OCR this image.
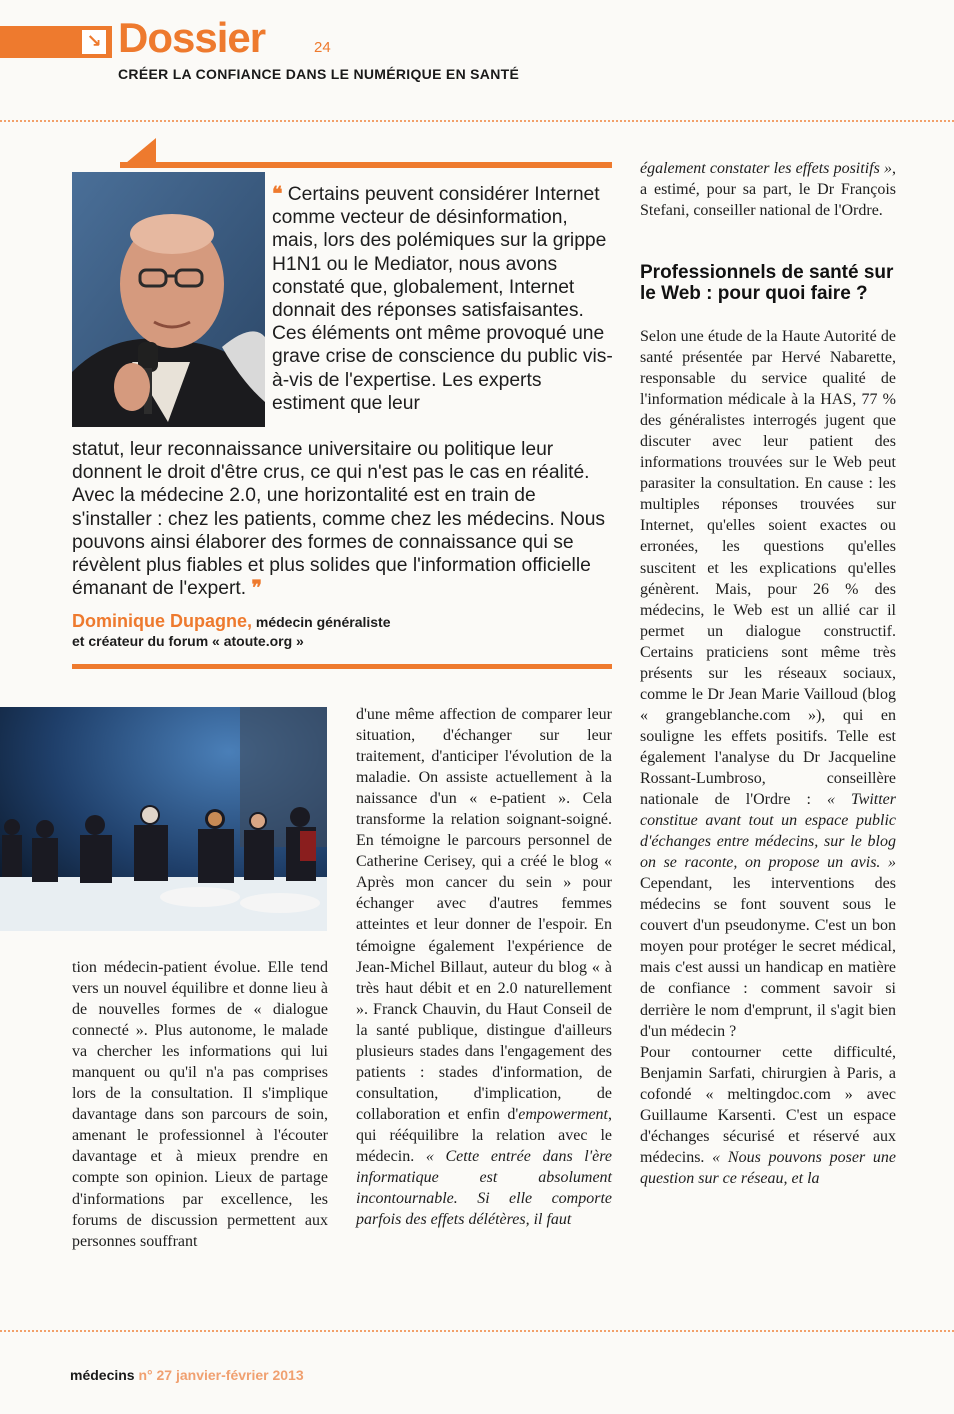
↘ Dossier	24
CRÉER LA CONFIANCE DANS LE NUMÉRIQUE EN SANTÉ

❝ Certains peuvent considérer Internet comme vecteur de désinformation, mais, lors des polémiques sur la grippe H1N1 ou le Mediator, nous avons constaté que, globalement, Internet donnait des réponses satisfaisantes. Ces éléments ont même provoqué une grave crise de conscience du public vis-à-vis de l'expertise. Les experts estiment que leur

statut, leur reconnaissance universitaire ou politique leur donnent le droit d'être crus, ce qui n'est pas le cas en réalité. Avec la médecine 2.0, une horizontalité est en train de s'installer : chez les patients, comme chez les médecins. Nous pouvons ainsi élaborer des formes de connaissance qui se révèlent plus fiables et plus solides que l'information officielle émanant de l'expert. ❞

Dominique Dupagne, médecin généraliste
et créateur du forum « atoute.org »

tion médecin-patient évolue. Elle tend vers un nouvel équilibre et donne lieu à de nouvelles formes de « dialogue connecté ». Plus autonome, le malade va chercher les informations qui lui manquent ou qu'il n'a pas comprises lors de la consultation. Il s'implique davantage dans son parcours de soin, amenant le professionnel à l'écouter davantage et à mieux prendre en compte son opinion. Lieux de partage d'informations par excellence, les forums de discussion permettent aux personnes souffrant

d'une même affection de comparer leur situation, d'échanger sur leur traitement, d'anticiper l'évolution de la maladie. On assiste actuellement à la naissance d'un « e-patient ». Cela transforme la relation soignant-soigné. En témoigne le parcours personnel de Catherine Cerisey, qui a créé le blog « Après mon cancer du sein » pour échanger avec d'autres femmes atteintes et leur donner de l'espoir. En témoigne également l'expérience de Jean-Michel Billaut, auteur du blog « à très haut débit et en 2.0 naturellement ». Franck Chauvin, du Haut Conseil de la santé publique, distingue d'ailleurs plusieurs stades dans l'engagement des patients : stades d'information, de consultation, d'implication, de collaboration et enfin d'empowerment, qui rééquilibre la relation avec le médecin. « Cette entrée dans l'ère informatique est absolument incontournable. Si elle comporte parfois des effets délétères, il faut

également constater les effets positifs », a estimé, pour sa part, le Dr François Stefani, conseiller national de l'Ordre.

Professionnels de santé sur le Web : pour quoi faire ?

Selon une étude de la Haute Autorité de santé présentée par Hervé Nabarette, responsable du service qualité de l'information médicale à la HAS, 77 % des généralistes interrogés jugent que discuter avec leur patient des informations trouvées sur le Web peut parasiter la consultation. En cause : les multiples réponses trouvées sur Internet, qu'elles soient exactes ou erronées, les questions qu'elles suscitent et les explications qu'elles génèrent. Mais, pour 26 % des médecins, le Web est un allié car il permet un dialogue constructif. Certains praticiens sont même très présents sur les réseaux sociaux, comme le Dr Jean Marie Vailloud (blog « grangeblanche.com »), qui en souligne les effets positifs. Telle est également l'analyse du Dr Jacqueline Rossant-Lumbroso, conseillère nationale de l'Ordre : « Twitter constitue avant tout un espace public d'échanges entre médecins, sur le blog on se raconte, on propose un avis. » Cependant, les interventions des médecins se font souvent sous le couvert d'un pseudonyme. C'est un bon moyen pour protéger le secret médical, mais c'est aussi un handicap en matière de confiance : comment savoir si derrière le nom d'emprunt, il s'agit bien d'un médecin ?

Pour contourner cette difficulté, Benjamin Sarfati, chirurgien à Paris, a cofondé « meltingdoc.com » avec Guillaume Karsenti. C'est un espace d'échanges sécurisé et réservé aux médecins. « Nous pouvons poser une question sur ce réseau, et la

médecins n° 27 janvier-février 2013
